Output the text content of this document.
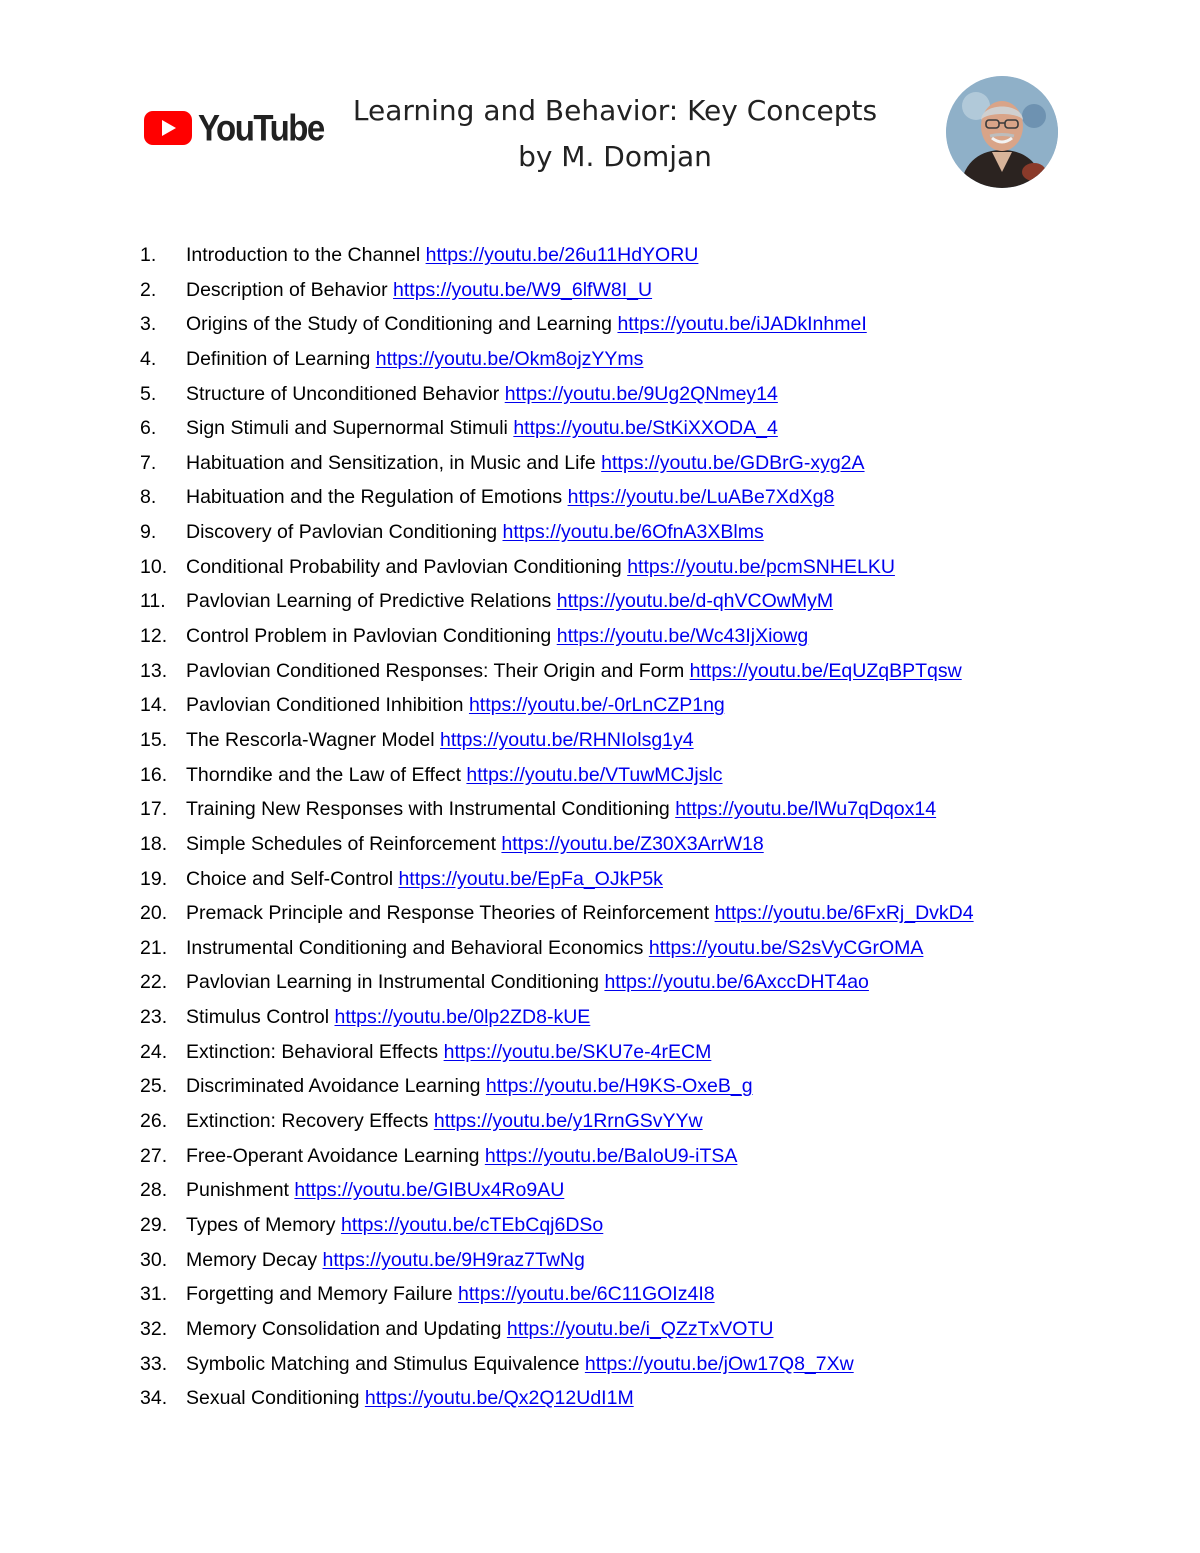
YouTube	Learning and Behavior: Key Concepts
by M. Domjan
1.	Introduction to the Channel https://youtu.be/26u11HdYORU
2.	Description of Behavior https://youtu.be/W9_6lfW8I_U
3.	Origins of the Study of Conditioning and Learning https://youtu.be/iJADkInhmeI
4.	Definition of Learning https://youtu.be/Okm8ojzYYms
5.	Structure of Unconditioned Behavior https://youtu.be/9Ug2QNmey14
6.	Sign Stimuli and Supernormal Stimuli https://youtu.be/StKiXXODA_4
7.	Habituation and Sensitization, in Music and Life https://youtu.be/GDBrG-xyg2A
8.	Habituation and the Regulation of Emotions https://youtu.be/LuABe7XdXg8
9.	Discovery of Pavlovian Conditioning https://youtu.be/6OfnA3XBlms
10. Conditional Probability and Pavlovian Conditioning https://youtu.be/pcmSNHELKU
11.	Pavlovian Learning of Predictive Relations https://youtu.be/d-qhVCOwMyM
12. Control Problem in Pavlovian Conditioning https://youtu.be/Wc43IjXiowg
13. Pavlovian Conditioned Responses: Their Origin and Form https://youtu.be/EqUZqBPTqsw
14. Pavlovian Conditioned Inhibition https://youtu.be/-0rLnCZP1ng
15. The Rescorla-Wagner Model https://youtu.be/RHNIolsg1y4
16. Thorndike and the Law of Effect https://youtu.be/VTuwMCJjslc
17. Training New Responses with Instrumental Conditioning https://youtu.be/lWu7qDqox14
18. Simple Schedules of Reinforcement https://youtu.be/Z30X3ArrW18
19. Choice and Self-Control https://youtu.be/EpFa_OJkP5k
20. Premack Principle and Response Theories of Reinforcement https://youtu.be/6FxRj_DvkD4
21. Instrumental Conditioning and Behavioral Economics https://youtu.be/S2sVyCGrOMA
22. Pavlovian Learning in Instrumental Conditioning https://youtu.be/6AxccDHT4ao
23. Stimulus Control https://youtu.be/0lp2ZD8-kUE
24. Extinction: Behavioral Effects https://youtu.be/SKU7e-4rECM
25. Discriminated Avoidance Learning https://youtu.be/H9KS-OxeB_g
26. Extinction: Recovery Effects https://youtu.be/y1RrnGSvYYw
27. Free-Operant Avoidance Learning https://youtu.be/BaIoU9-iTSA
28. Punishment https://youtu.be/GIBUx4Ro9AU
29. Types of Memory https://youtu.be/cTEbCqj6DSo
30. Memory Decay https://youtu.be/9H9raz7TwNg
31. Forgetting and Memory Failure https://youtu.be/6C11GOIz4I8
32. Memory Consolidation and Updating https://youtu.be/i_QZzTxVOTU
33. Symbolic Matching and Stimulus Equivalence https://youtu.be/jOw17Q8_7Xw
34. Sexual Conditioning https://youtu.be/Qx2Q12UdI1M
